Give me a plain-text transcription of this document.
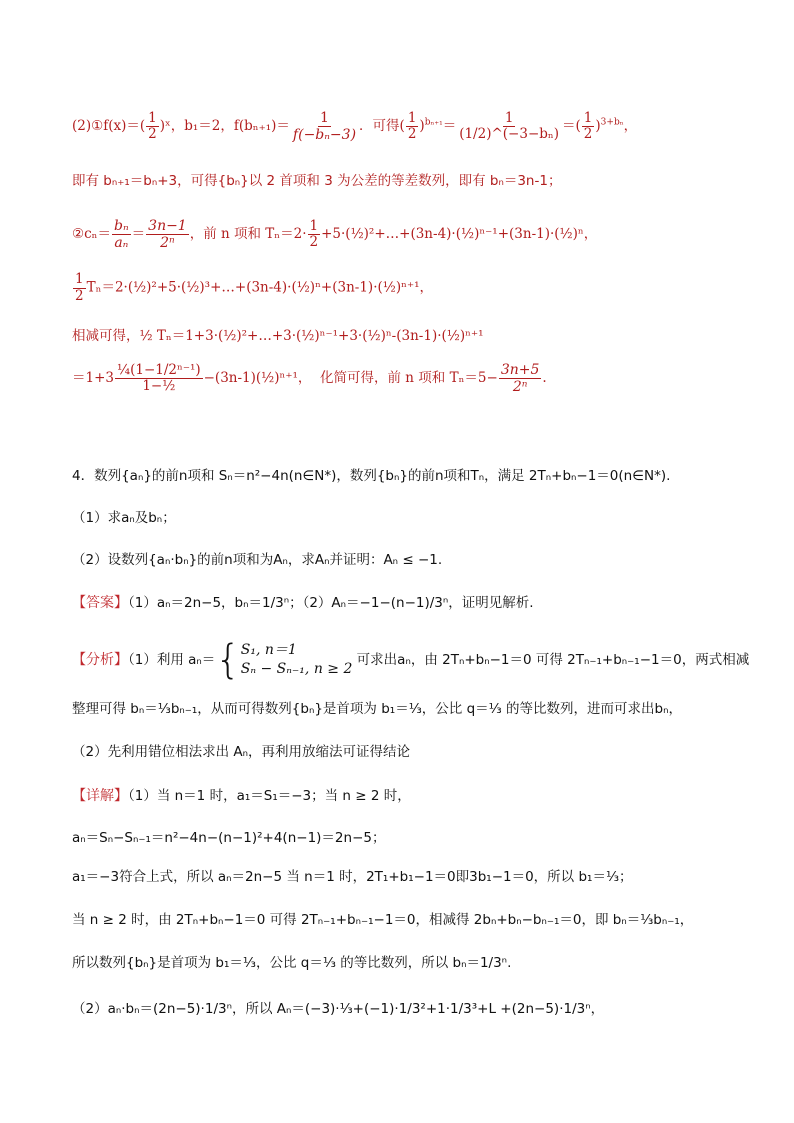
(2)①f(x)＝( $\frac{1}{2}$ )ˣ，b₁＝2，$f(b_{n+1})= \frac{1}{\text{f(−bₙ−3)}}$ ．可得( $\frac{1}{2} )^{b_{n+1}}= \frac{1}{\text{(1/2)\textasciicircum{}(−3−bₙ)}}$ ＝( $\frac{1}{2} )^{3+b_n}$，
即有 bₙ₊₁＝bₙ+3，可得{bₙ}以 2 首项和 3 为公差的等差数列，即有 bₙ＝3n-1；
②cₙ＝ $\frac{\text{bₙ}}{\text{aₙ}} = \frac{3n-1}{\text{2ⁿ}}$ ，前 n 项和 $T_n=2\cdot \frac{1}{2}$ +5·(½)²+…+(3n-4)·(½)ⁿ⁻¹+(3n-1)·(½)ⁿ，
$\frac{1}{2}$ Tₙ＝2·(½)²+5·(½)³+…+(3n-4)·(½)ⁿ+(3n-1)·(½)ⁿ⁺¹，
相减可得，½ Tₙ＝1+3·(½)²+…+3·(½)ⁿ⁻¹+3·(½)ⁿ-(3n-1)·(½)ⁿ⁺¹
$=1+3 \frac{\text{¼(1−1/2ⁿ⁻¹)}}{\text{1−½}}$ −(3n-1)(½)ⁿ⁺¹， 化简可得，前 n 项和 $T_n=5- \frac{3n+5}{\text{2ⁿ}}$ .
4．数列{aₙ}的前n项和 Sₙ＝n²−4n(n∈N*)，数列{bₙ}的前n项和Tₙ，满足 2Tₙ+bₙ−1＝0(n∈N*).
（1）求aₙ及bₙ；
（2）设数列{aₙ·bₙ}的前n项和为Aₙ，求Aₙ并证明：Aₙ ≤ −1.
【答案】（1）aₙ＝2n−5，bₙ＝1/3ⁿ；（2）Aₙ＝−1−(n−1)/3ⁿ，证明见解析.
【分析】（1）利用 aₙ＝{ S₁, n＝1
Sₙ − Sₙ₋₁, n ≥ 2
可求出aₙ，由 2Tₙ+bₙ−1＝0 可得 2Tₙ₋₁+bₙ₋₁−1＝0，两式相减
整理可得 bₙ＝⅓bₙ₋₁，从而可得数列{bₙ}是首项为 b₁＝⅓，公比 q＝⅓ 的等比数列，进而可求出bₙ，
（2）先利用错位相法求出 Aₙ，再利用放缩法可证得结论
【详解】（1）当 n＝1 时，a₁＝S₁＝−3；当 n ≥ 2 时，
aₙ＝Sₙ−Sₙ₋₁＝n²−4n−(n−1)²+4(n−1)＝2n−5；
a₁＝−3符合上式，所以 aₙ＝2n−5 当 n＝1 时，2T₁+b₁−1＝0即3b₁−1＝0，所以 b₁＝⅓；
当 n ≥ 2 时，由 2Tₙ+bₙ−1＝0 可得 2Tₙ₋₁+bₙ₋₁−1＝0，相减得 2bₙ+bₙ−bₙ₋₁＝0，即 bₙ＝⅓bₙ₋₁，
所以数列{bₙ}是首项为 b₁＝⅓，公比 q＝⅓ 的等比数列，所以 bₙ＝1/3ⁿ.
（2）aₙ·bₙ＝(2n−5)·1/3ⁿ，所以 Aₙ＝(−3)·⅓+(−1)·1/3²+1·1/3³+L +(2n−5)·1/3ⁿ，
